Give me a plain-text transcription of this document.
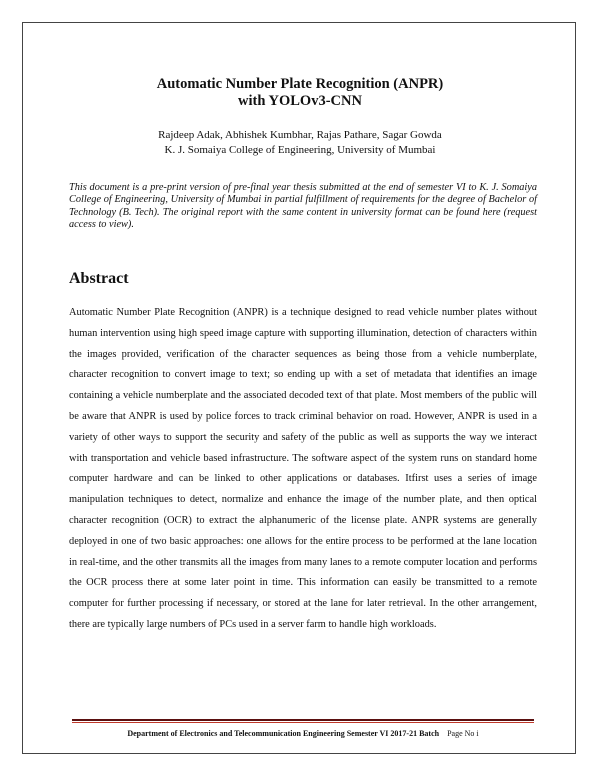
Automatic Number Plate Recognition (ANPR)
with YOLOv3-CNN
Rajdeep Adak, Abhishek Kumbhar, Rajas Pathare, Sagar Gowda
K. J. Somaiya College of Engineering, University of Mumbai

This document is a pre-print version of pre-final year thesis submitted at the end of semester VI to K. J. Somaiya College of Engineering, University of Mumbai in partial fulfillment of requirements for the degree of Bachelor of Technology (B. Tech). The original report with the same content in university format can be found here (request access to view).

Abstract

Automatic Number Plate Recognition (ANPR) is a technique designed to read vehicle number plates without human intervention using high speed image capture with supporting illumination, detection of characters within the images provided, verification of the character sequences as being those from a vehicle numberplate, character recognition to convert image to text; so ending up with a set of metadata that identifies an image containing a vehicle numberplate and the associated decoded text of that plate. Most members of the public will be aware that ANPR is used by police forces to track criminal behavior on road. However, ANPR is used in a variety of other ways to support the security and safety of the public as well as supports the way we interact with transportation and vehicle based infrastructure. The software aspect of the system runs on standard home computer hardware and can be linked to other applications or databases. Itfirst uses a series of image manipulation techniques to detect, normalize and enhance the image of the number plate, and then optical character recognition (OCR) to extract the alphanumeric of the license plate. ANPR systems are generally deployed in one of two basic approaches: one allows for the entire process to be performed at the lane location in real-time, and the other transmits all the images from many lanes to a remote computer location and performs the OCR process there at some later point in time. This information can easily be transmitted to a remote computer for further processing if necessary, or stored at the lane for later retrieval. In the other arrangement, there are typically large numbers of PCs used in a server farm to handle high workloads.

Department of Electronics and Telecommunication Engineering Semester VI 2017-21 Batch Page No i
